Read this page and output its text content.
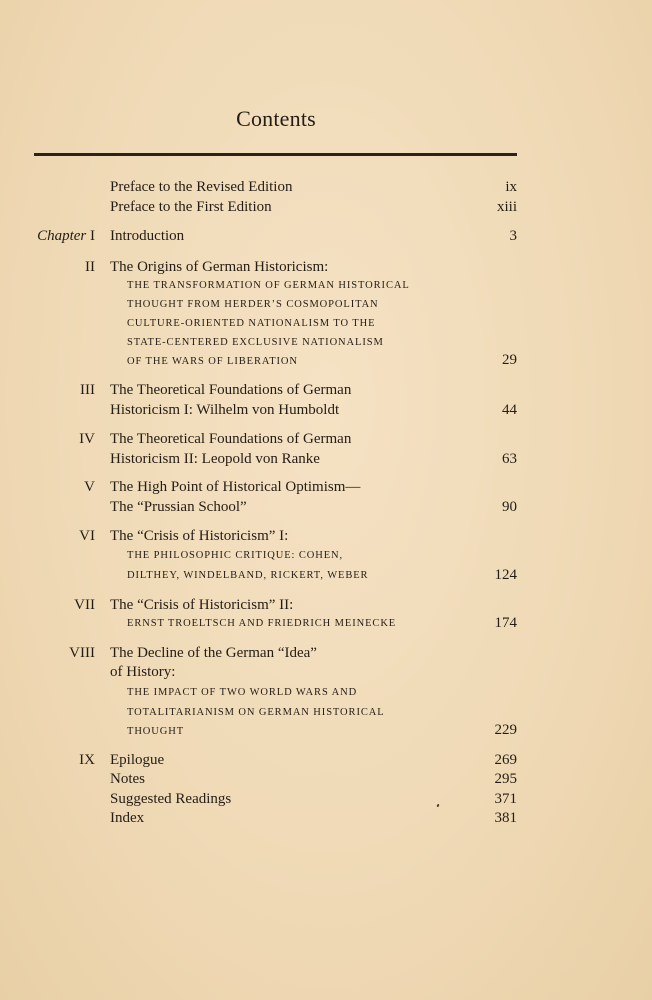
Contents
Preface to the Revised Edition	ix
Preface to the First Edition	xiii
Chapter I Introduction	3
II The Origins of German Historicism:
THE TRANSFORMATION OF GERMAN HISTORICAL
THOUGHT FROM HERDER’S COSMOPOLITAN
CULTURE-ORIENTED NATIONALISM TO THE
STATE-CENTERED EXCLUSIVE NATIONALISM
OF THE WARS OF LIBERATION	29
III The Theoretical Foundations of German
Historicism I: Wilhelm von Humboldt	44
IV The Theoretical Foundations of German
Historicism II: Leopold von Ranke	63
V The High Point of Historical Optimism—
The “Prussian School”	90
VI The “Crisis of Historicism” I:
THE PHILOSOPHIC CRITIQUE: COHEN,
DILTHEY, WINDELBAND, RICKERT, WEBER	124
VII The “Crisis of Historicism” II:
ERNST TROELTSCH AND FRIEDRICH MEINECKE	174
VIII The Decline of the German “Idea”
of History:
THE IMPACT OF TWO WORLD WARS AND
TOTALITARIANISM ON GERMAN HISTORICAL
THOUGHT	229
IX Epilogue	269
Notes	295
Suggested Readings	371
Index	381
